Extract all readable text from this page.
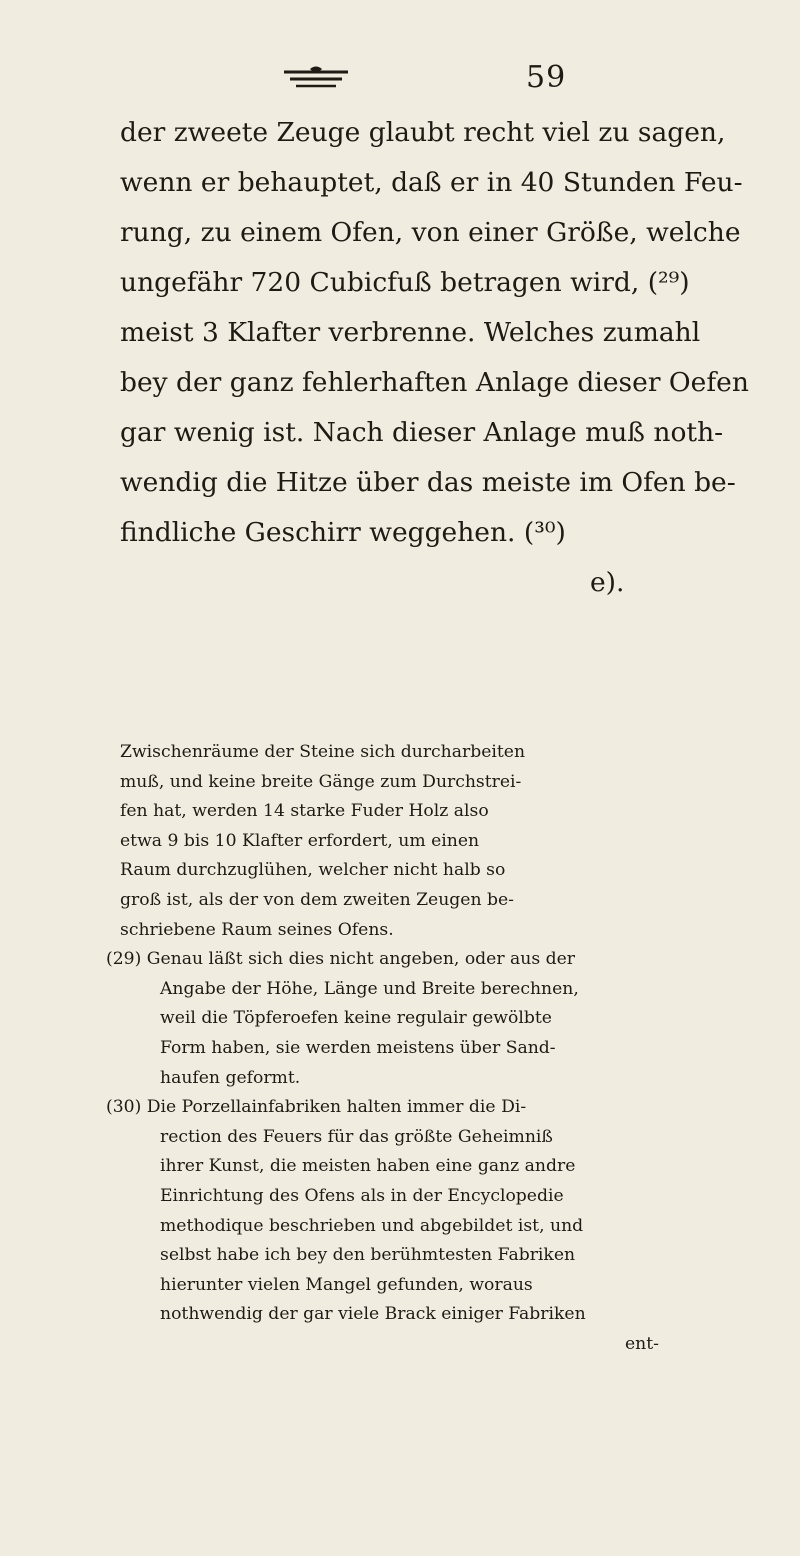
59
der zweete Zeuge glaubt recht viel zu sagen,
wenn er behauptet, daß er in 40 Stunden Feu-
rung, zu einem Ofen, von einer Größe, welche
ungefähr 720 Cubicfuß betragen wird, (²⁹)
meist 3 Klafter verbrenne. Welches zumahl
bey der ganz fehlerhaften Anlage dieser Oefen
gar wenig ist. Nach dieser Anlage muß noth-
wendig die Hitze über das meiste im Ofen be-
findliche Geschirr weggehen. (³⁰)
e).
Zwischenräume der Steine sich durcharbeiten
muß, und keine breite Gänge zum Durchstrei-
fen hat, werden 14 starke Fuder Holz also
etwa 9 bis 10 Klafter erfordert, um einen
Raum durchzuglühen, welcher nicht halb so
groß ist, als der von dem zweiten Zeugen be-
schriebene Raum seines Ofens.
(29) Genau läßt sich dies nicht angeben, oder aus der
Angabe der Höhe, Länge und Breite berechnen,
weil die Töpferoefen keine regulair gewölbte
Form haben, sie werden meistens über Sand-
haufen geformt.
(30) Die Porzellainfabriken halten immer die Di-
rection des Feuers für das größte Geheimniß
ihrer Kunst, die meisten haben eine ganz andre
Einrichtung des Ofens als in der Encyclopedie
methodique beschrieben und abgebildet ist, und
selbst habe ich bey den berühmtesten Fabriken
hierunter vielen Mangel gefunden, woraus
nothwendig der gar viele Brack einiger Fabriken
ent-
